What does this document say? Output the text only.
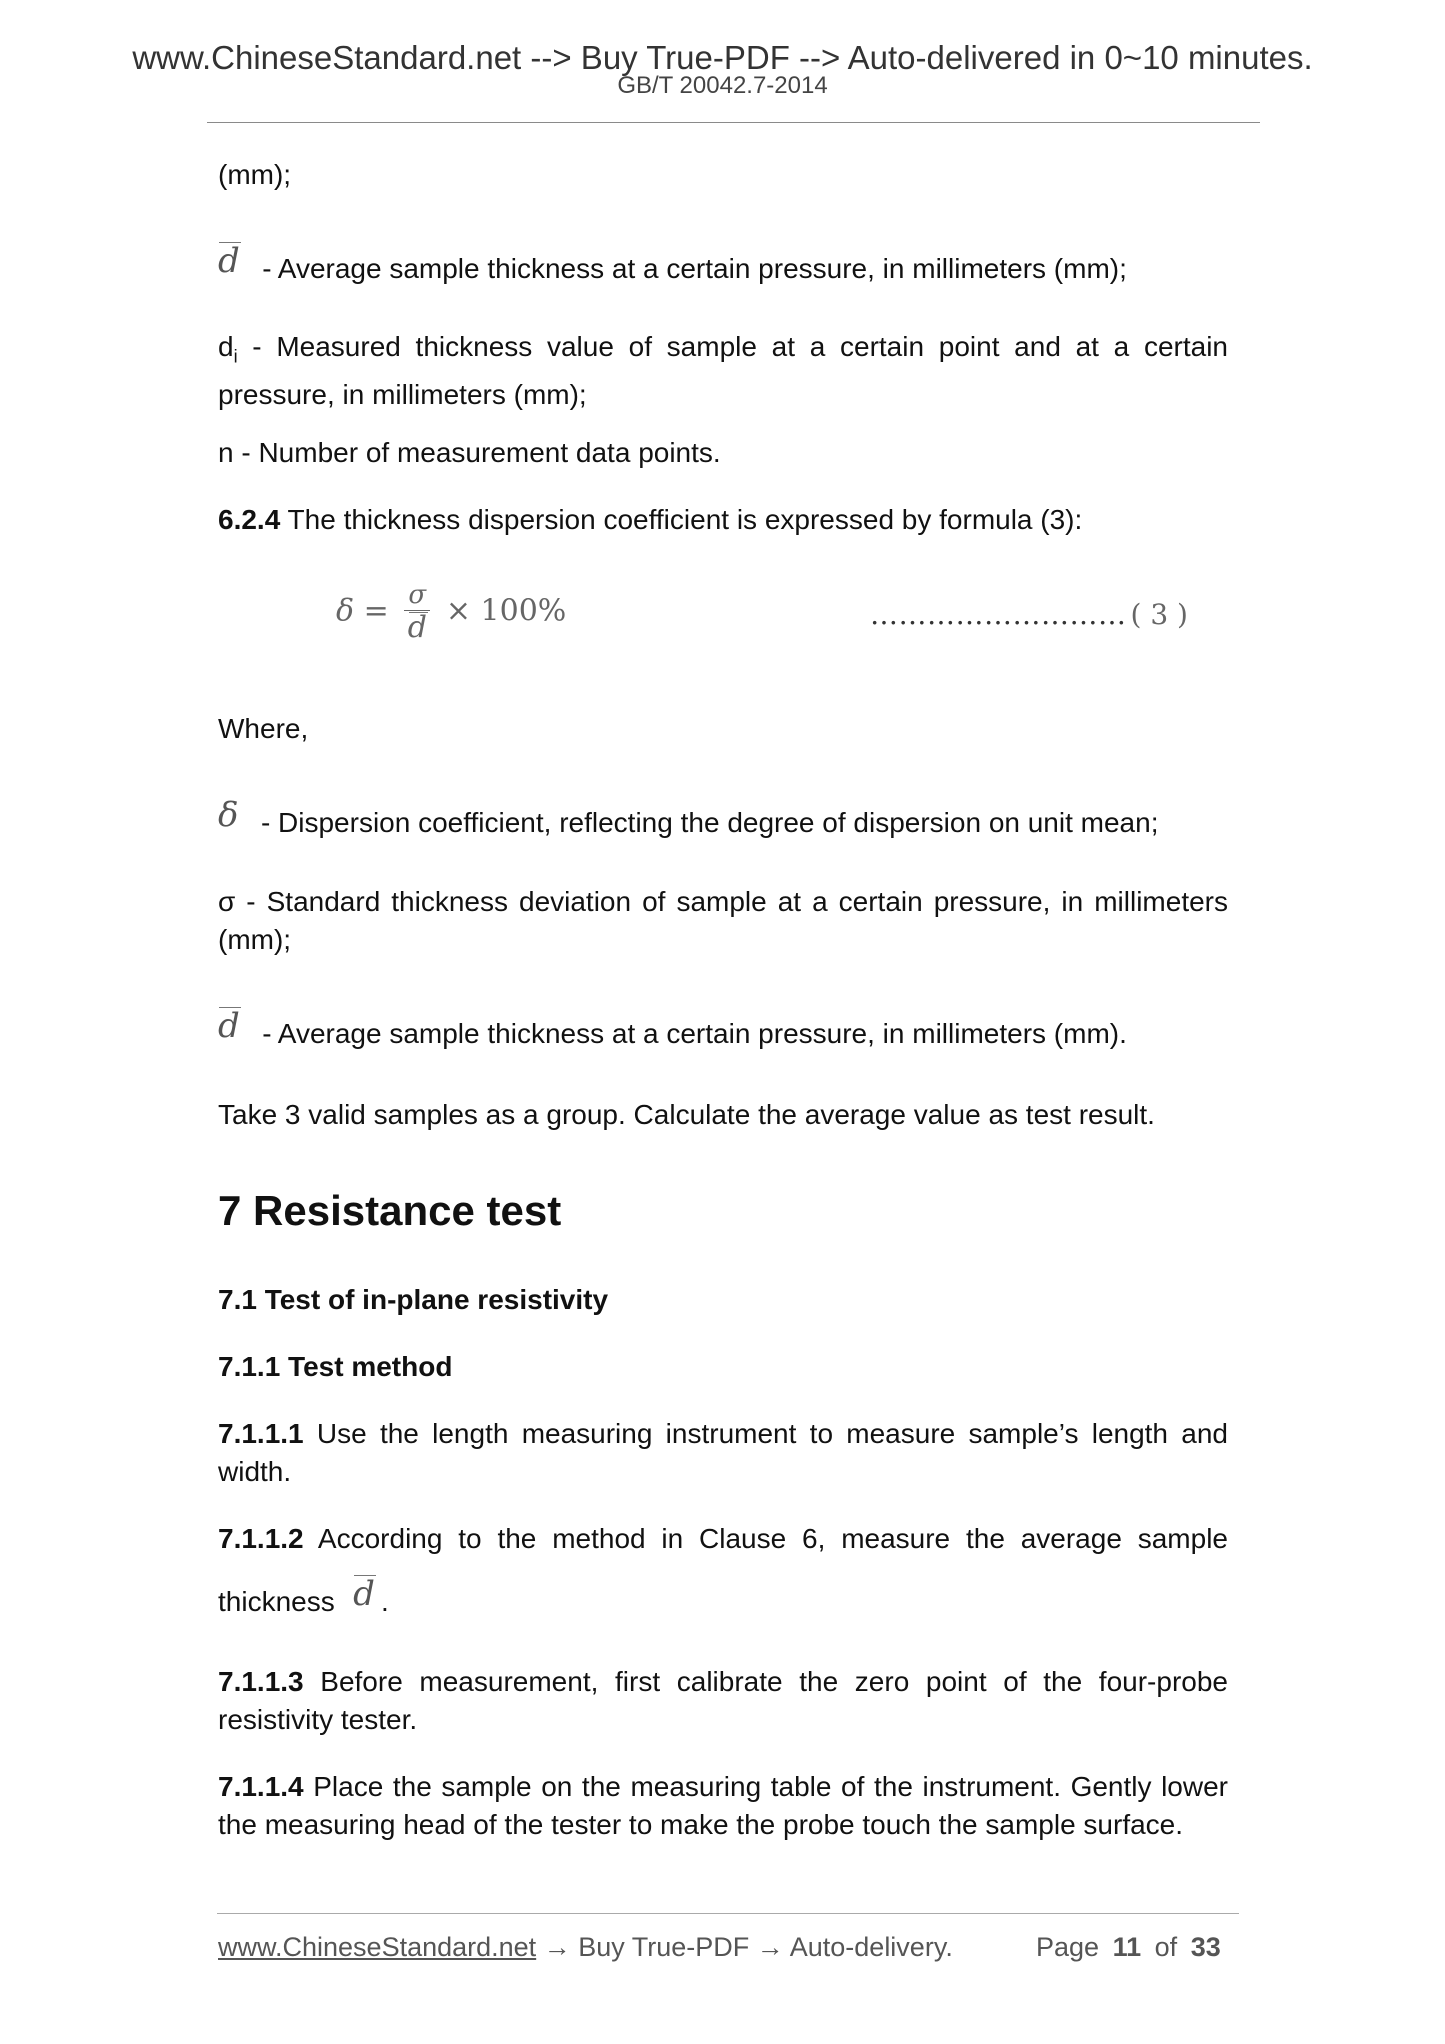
www.ChineseStandard.net --> Buy True-PDF --> Auto-delivered in 0~10 minutes.
GB/T 20042.7-2014
(mm);
d - Average sample thickness at a certain pressure, in millimeters (mm);
$d_i$ - Measured thickness value of sample at a certain point and at a certain pressure, in millimeters (mm);
n - Number of measurement data points.
6.2.4 The thickness dispersion coefficient is expressed by formula (3):
$\delta = \frac{\sigma}{d} \times 100\%$	……………………… ( 3 )
Where,
δ - Dispersion coefficient, reflecting the degree of dispersion on unit mean;
σ - Standard thickness deviation of sample at a certain pressure, in millimeters (mm);
d - Average sample thickness at a certain pressure, in millimeters (mm).
Take 3 valid samples as a group. Calculate the average value as test result.
7 Resistance test
7.1 Test of in-plane resistivity
7.1.1 Test method
7.1.1.1 Use the length measuring instrument to measure sample’s length and width.
7.1.1.2 According to the method in Clause 6, measure the average sample
thickness d .
7.1.1.3 Before measurement, first calibrate the zero point of the four-probe resistivity tester.
7.1.1.4 Place the sample on the measuring table of the instrument. Gently lower the measuring head of the tester to make the probe touch the sample surface.
www.ChineseStandard.net → Buy True-PDF → Auto-delivery.	Page 11 of 33
